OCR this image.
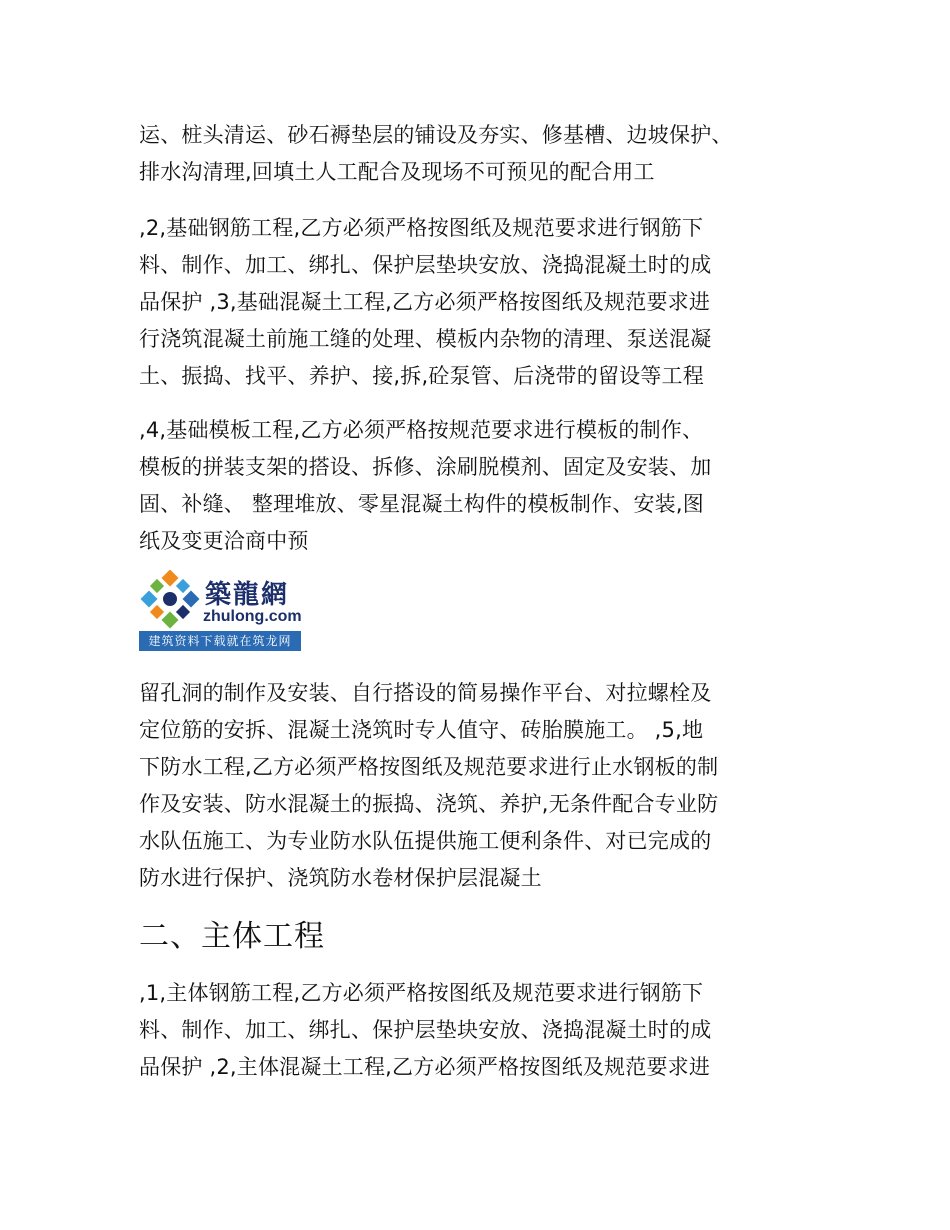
运、桩头清运、砂石褥垫层的铺设及夯实、修基槽、边坡保护、
排水沟清理,回填土人工配合及现场不可预见的配合用工

,2,基础钢筋工程,乙方必须严格按图纸及规范要求进行钢筋下
料、制作、加工、绑扎、保护层垫块安放、浇捣混凝土时的成
品保护 ,3,基础混凝土工程,乙方必须严格按图纸及规范要求进
行浇筑混凝土前施工缝的处理、模板内杂物的清理、泵送混凝
土、振捣、找平、养护、接,拆,砼泵管、后浇带的留设等工程

,4,基础模板工程,乙方必须严格按规范要求进行模板的制作、
模板的拼装支架的搭设、拆修、涂刷脱模剂、固定及安装、加
固、补缝、 整理堆放、零星混凝土构件的模板制作、安装,图
纸及变更洽商中预

築龍網
zhulong.com
建筑资料下载就在筑龙网

留孔洞的制作及安装、自行搭设的简易操作平台、对拉螺栓及
定位筋的安拆、混凝土浇筑时专人值守、砖胎膜施工。 ,5,地
下防水工程,乙方必须严格按图纸及规范要求进行止水钢板的制
作及安装、防水混凝土的振捣、浇筑、养护,无条件配合专业防
水队伍施工、为专业防水队伍提供施工便利条件、对已完成的
防水进行保护、浇筑防水卷材保护层混凝土

二、主体工程

,1,主体钢筋工程,乙方必须严格按图纸及规范要求进行钢筋下
料、制作、加工、绑扎、保护层垫块安放、浇捣混凝土时的成
品保护 ,2,主体混凝土工程,乙方必须严格按图纸及规范要求进
